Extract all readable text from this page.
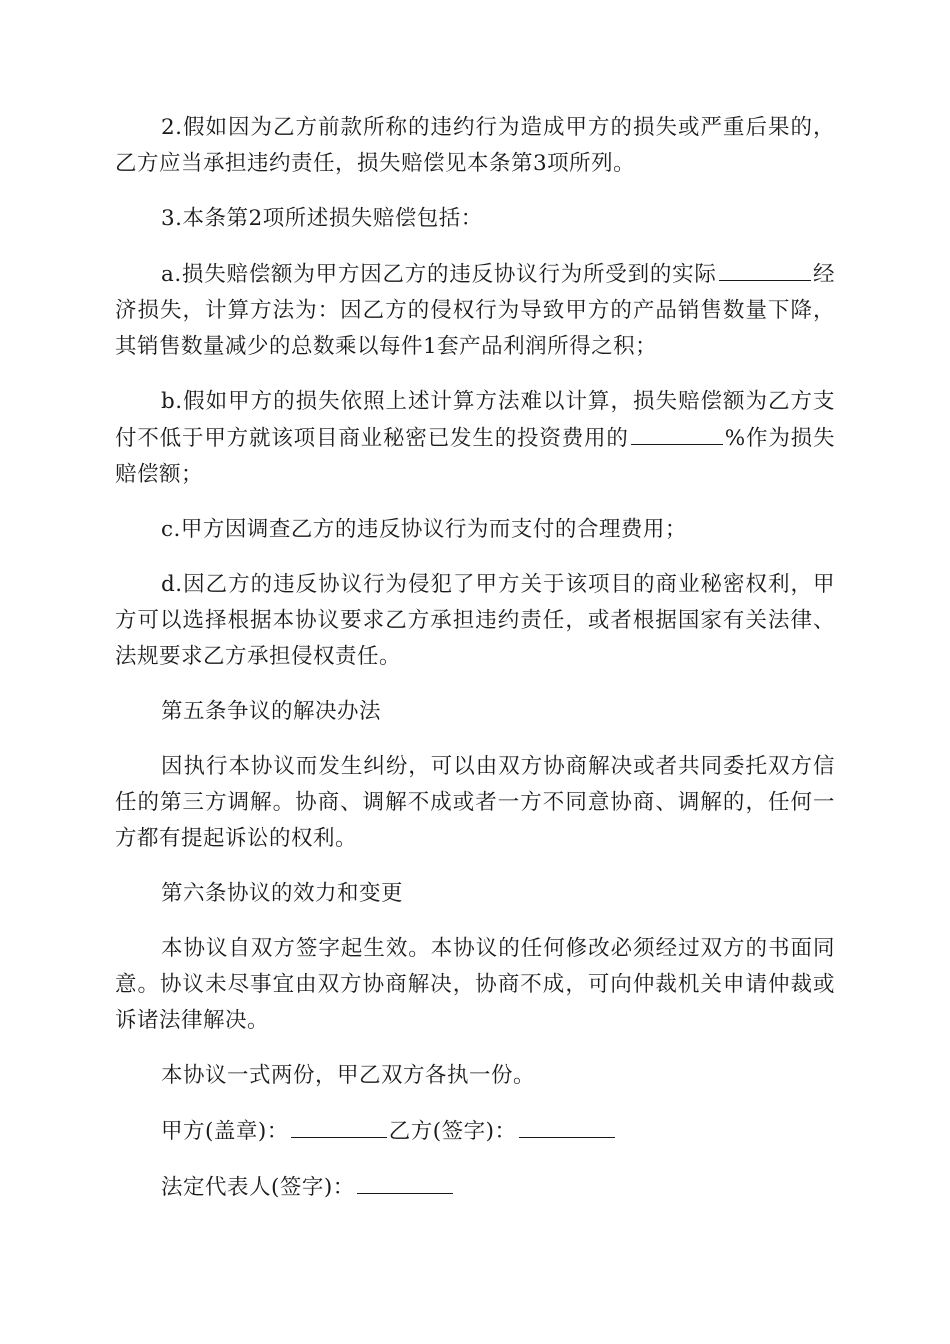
2.假如因为乙方前款所称的违约行为造成甲方的损失或严重后果的，乙方应当承担违约责任，损失赔偿见本条第3项所列。

3.本条第2项所述损失赔偿包括：

a.损失赔偿额为甲方因乙方的违反协议行为所受到的实际	经济损失，计算方法为：因乙方的侵权行为导致甲方的产品销售数量下降，其销售数量减少的总数乘以每件1套产品利润所得之积；

b.假如甲方的损失依照上述计算方法难以计算，损失赔偿额为乙方支付不低于甲方就该项目商业秘密已发生的投资费用的	%作为损失赔偿额；

c.甲方因调查乙方的违反协议行为而支付的合理费用；

d.因乙方的违反协议行为侵犯了甲方关于该项目的商业秘密权利，甲方可以选择根据本协议要求乙方承担违约责任，或者根据国家有关法律、法规要求乙方承担侵权责任。

第五条争议的解决办法

因执行本协议而发生纠纷，可以由双方协商解决或者共同委托双方信任的第三方调解。协商、调解不成或者一方不同意协商、调解的，任何一方都有提起诉讼的权利。

第六条协议的效力和变更

本协议自双方签字起生效。本协议的任何修改必须经过双方的书面同意。协议未尽事宜由双方协商解决，协商不成，可向仲裁机关申请仲裁或诉诸法律解决。

本协议一式两份，甲乙双方各执一份。

甲方(盖章)：	乙方(签字)：

法定代表人(签字)：
